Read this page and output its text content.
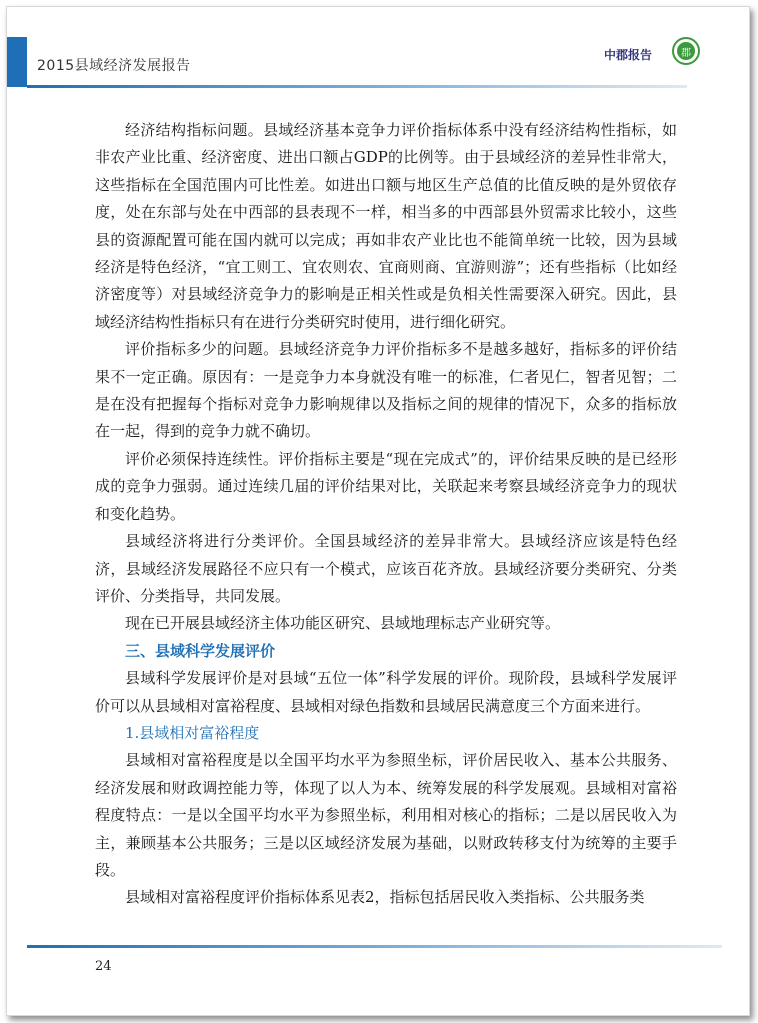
2015县域经济发展报告
中郡报告	郡

经济结构指标问题。县域经济基本竞争力评价指标体系中没有经济结构性指标，如非农产业比重、经济密度、进出口额占GDP的比例等。由于县域经济的差异性非常大，这些指标在全国范围内可比性差。如进出口额与地区生产总值的比值反映的是外贸依存度，处在东部与处在中西部的县表现不一样，相当多的中西部县外贸需求比较小，这些县的资源配置可能在国内就可以完成；再如非农产业比也不能简单统一比较，因为县域经济是特色经济，“宜工则工、宜农则农、宜商则商、宜游则游”；还有些指标（比如经济密度等）对县域经济竞争力的影响是正相关性或是负相关性需要深入研究。因此，县域经济结构性指标只有在进行分类研究时使用，进行细化研究。

评价指标多少的问题。县域经济竞争力评价指标多不是越多越好，指标多的评价结果不一定正确。原因有：一是竞争力本身就没有唯一的标准，仁者见仁，智者见智；二是在没有把握每个指标对竞争力影响规律以及指标之间的规律的情况下，众多的指标放在一起，得到的竞争力就不确切。

评价必须保持连续性。评价指标主要是“现在完成式”的，评价结果反映的是已经形成的竞争力强弱。通过连续几届的评价结果对比，关联起来考察县域经济竞争力的现状和变化趋势。

县域经济将进行分类评价。全国县域经济的差异非常大。县域经济应该是特色经济，县域经济发展路径不应只有一个模式，应该百花齐放。县域经济要分类研究、分类评价、分类指导，共同发展。

现在已开展县域经济主体功能区研究、县域地理标志产业研究等。

三、县域科学发展评价

县域科学发展评价是对县域“五位一体”科学发展的评价。现阶段，县域科学发展评价可以从县域相对富裕程度、县域相对绿色指数和县域居民满意度三个方面来进行。

1.县域相对富裕程度

县域相对富裕程度是以全国平均水平为参照坐标，评价居民收入、基本公共服务、经济发展和财政调控能力等，体现了以人为本、统筹发展的科学发展观。县域相对富裕程度特点：一是以全国平均水平为参照坐标，利用相对核心的指标；二是以居民收入为主，兼顾基本公共服务；三是以区域经济发展为基础，以财政转移支付为统筹的主要手段。

县域相对富裕程度评价指标体系见表2，指标包括居民收入类指标、公共服务类

24
